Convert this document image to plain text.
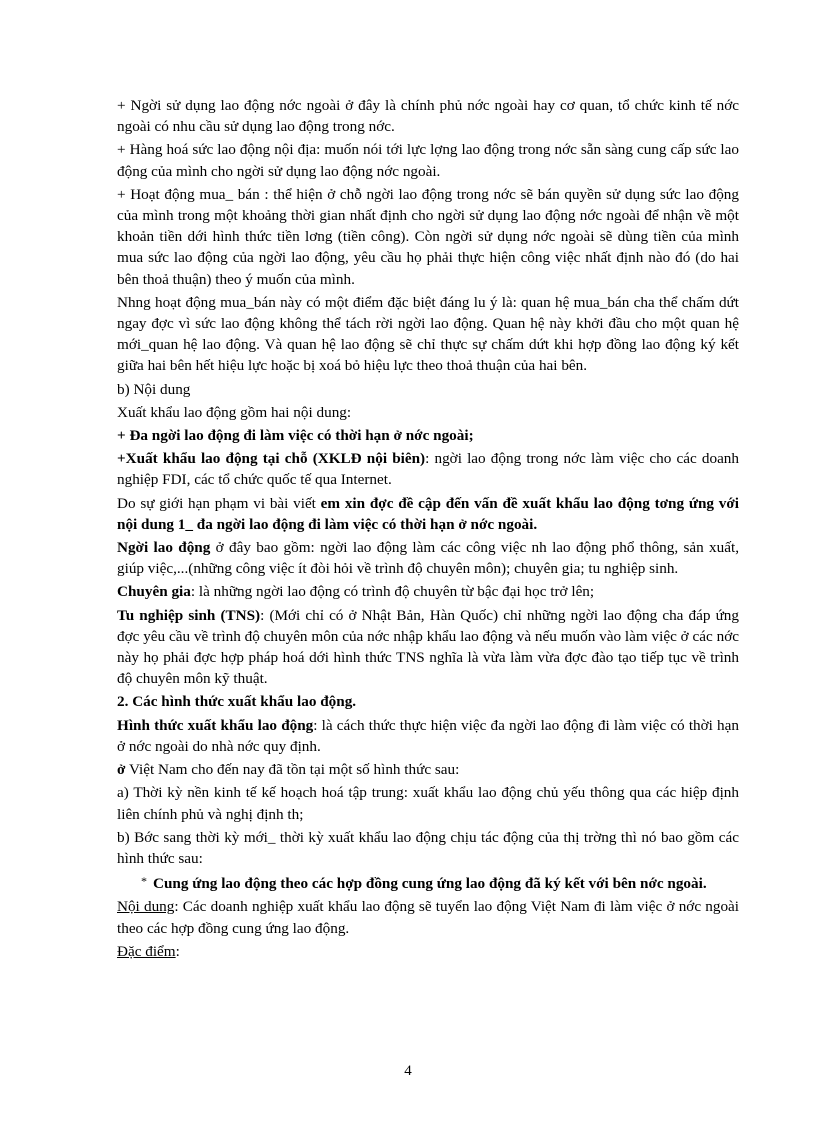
+ Ngời sử dụng lao động nớc ngoài ở đây là chính phủ nớc ngoài hay cơ quan, tổ chức kinh tế nớc ngoài có nhu cầu sử dụng lao động trong nớc.

+ Hàng hoá sức lao động nội địa: muốn nói tới lực lợng lao động trong nớc sẵn sàng cung cấp sức lao động của mình cho ngời sử dụng lao động nớc ngoài.

+ Hoạt động mua_ bán : thể hiện ở chỗ ngời lao động trong nớc sẽ bán quyền sử dụng sức lao động của mình trong một khoảng thời gian nhất định cho ngời sử dụng lao động nớc ngoài để nhận về một khoản tiền dới hình thức tiền lơng (tiền công). Còn ngời sử dụng nớc ngoài sẽ dùng tiền của mình mua sức lao động của ngời lao động, yêu cầu họ phải thực hiện công việc nhất định nào đó (do hai bên thoả thuận) theo ý muốn của mình.

Nhng hoạt động mua_bán này có một điểm đặc biệt đáng lu ý là: quan hệ mua_bán cha thể chấm dứt ngay đợc vì sức lao động không thể tách rời ngời lao động. Quan hệ này khởi đầu cho một quan hệ mới_quan hệ lao động. Và quan hệ lao động sẽ chỉ thực sự chấm dứt khi hợp đồng lao động ký kết giữa hai bên hết hiệu lực hoặc bị xoá bỏ hiệu lực theo thoả thuận của hai bên.

b) Nội dung

Xuất khẩu lao động gồm hai nội dung:

+ Đa ngời lao động đi làm việc có thời hạn ở nớc ngoài;

+Xuất khẩu lao động tại chỗ (XKLĐ nội biên): ngời lao động trong nớc làm việc cho các doanh nghiệp FDI, các tổ chức quốc tế qua Internet.

Do sự giới hạn phạm vi bài viết em xin đợc đề cập đến vấn đề xuất khẩu lao động tơng ứng với nội dung 1_ đa ngời lao động đi làm việc có thời hạn ở nớc ngoài.

Ngời lao động ở đây bao gồm: ngời lao động làm các công việc nh lao động phổ thông, sản xuất, giúp việc,...(những công việc ít đòi hỏi về trình độ chuyên môn); chuyên gia; tu nghiệp sinh.

Chuyên gia: là những ngời lao động có trình độ chuyên từ bậc đại học trở lên;

Tu nghiệp sinh (TNS): (Mới chỉ có ở Nhật Bản, Hàn Quốc) chỉ những ngời lao động cha đáp ứng đợc yêu cầu về trình độ chuyên môn của nớc nhập khẩu lao động và nếu muốn vào làm việc ở các nớc này họ phải đợc hợp pháp hoá dới hình thức TNS nghĩa là vừa làm vừa đợc đào tạo tiếp tục về trình độ chuyên môn kỹ thuật.

2. Các hình thức xuất khẩu lao động.

Hình thức xuất khẩu lao động: là cách thức thực hiện việc đa ngời lao động đi làm việc có thời hạn ở nớc ngoài do nhà nớc quy định.

ở Việt Nam cho đến nay đã tồn tại một số hình thức sau:

a) Thời kỳ nền kinh tế kế hoạch hoá tập trung: xuất khẩu lao động chủ yếu thông qua các hiệp định liên chính phủ và nghị định th;

b) Bớc sang thời kỳ mới_ thời kỳ xuất khẩu lao động chịu tác động của thị trờng thì nó bao gồm các hình thức sau:

* Cung ứng lao động theo các hợp đồng cung ứng lao động đã ký kết với bên nớc ngoài.

Nội dung: Các doanh nghiệp xuất khẩu lao động sẽ tuyển lao động Việt Nam đi làm việc ở nớc ngoài theo các hợp đồng cung ứng lao động.

Đặc điểm:

4
